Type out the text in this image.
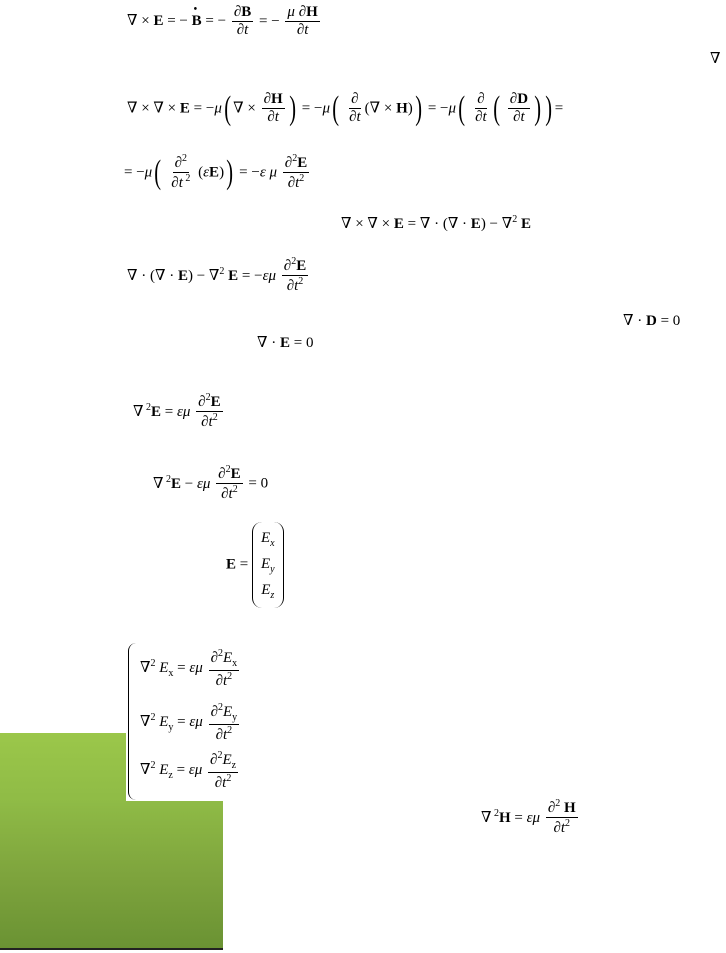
∇ × E = − • B = − $\frac{\partial B}{\partial t}$ = − $\frac{\mu \partial H}{\partial t}$
∇
∇ × ∇ × E = −μ( ∇ × $\frac{\partial H}{\partial t}$ ) = $-\mu( \frac{\partial}{\partial t}$ (∇ × $H)) = -\mu( \frac{\partial}{\partial t}$ ( $\frac{\partial D}{\partial t}$ ) ) =
= $-\mu( \frac{\partial^2}{\partial t ^2} (\varepsilon E)) = -\varepsilon$ μ $\frac{\partial^2E}{\partial t^2}$
∇ × ∇ × E = ∇ · (∇ · E) − ∇$^2$ E
∇ · (∇ · E) − ∇$^2$ $E = -\varepsilon\mu \frac{\partial^2E}{\partial t^2}$
∇ · D = 0
∇ · E = 0
∇ $^2$E = εμ $\frac{\partial^2E}{\partial t^2}$
∇ $^2$E − εμ $\frac{\partial^2E}{\partial t^2} = 0$
E =
$E_x$
$E_y$
$E_z$
∇$^2$ $E_x = \varepsilon\mu \frac{\partial^2E_x}{\partial t^2}$
∇$^2$ $E_y = \varepsilon\mu \frac{\partial^2E_y}{\partial t^2}$
∇$^2$ $E_z = \varepsilon\mu \frac{\partial^2E_z}{\partial t^2}$
∇ $^2$H = εμ $\frac{\partial^2 H}{\partial t^2}$
